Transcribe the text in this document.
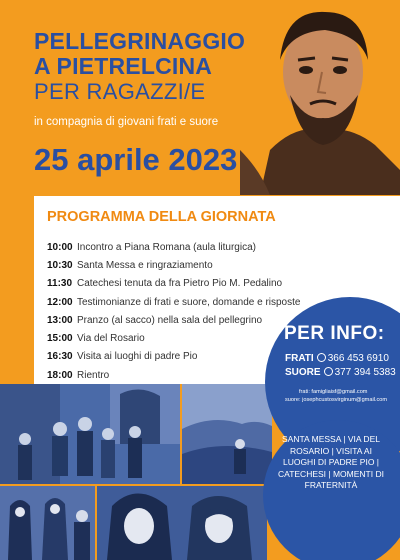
PELLEGRINAGGIO
A PIETRELCINA
PER RAGAZZI/E
in compagnia di giovani frati e suore
25 aprile 2023
PROGRAMMA DELLA GIORNATA
10:00 Incontro a Piana Romana (aula liturgica)
10:30 Santa Messa e ringraziamento
11:30 Catechesi tenuta da fra Pietro Pio M. Pedalino
12:00 Testimonianze di frati e suore, domande e risposte
13:00 Pranzo (al sacco) nella sala del pellegrino
15:00 Via del Rosario
16:30 Visita ai luoghi di padre Pio
18:00 Rientro
PER INFO:
FRATI 366 453 6910
SUORE 377 394 5383
frati: famigliaisf@gmail.com
suore: josephcustosvirginum@gmail.com
SANTA MESSA | VIA DEL ROSARIO | VISITA AI LUOGHI DI PADRE PIO | CATECHESI | MOMENTI DI FRATERNITÀ
